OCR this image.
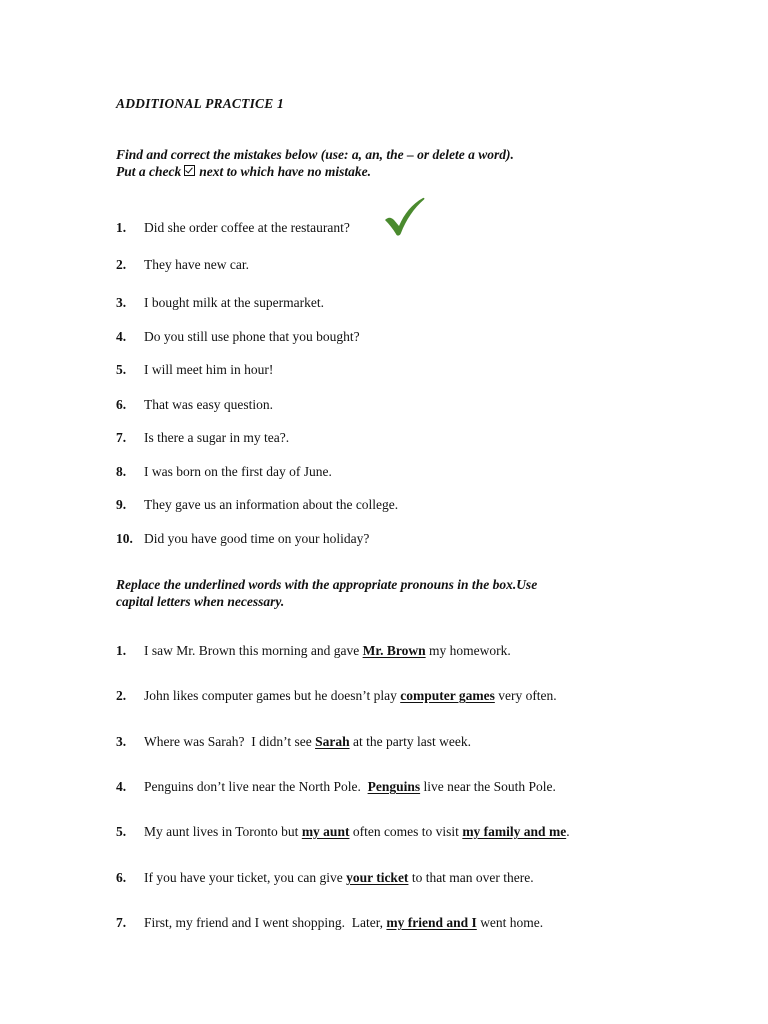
ADDITIONAL PRACTICE 1
Find and correct the mistakes below (use: a, an, the – or delete a word).
Put a check next to which have no mistake.
1. Did she order coffee at the restaurant?
2. They have new car.
3. I bought milk at the supermarket.
4. Do you still use phone that you bought?
5. I will meet him in hour!
6. That was easy question.
7. Is there a sugar in my tea?.
8. I was born on the first day of June.
9. They gave us an information about the college.
10. Did you have good time on your holiday?
Replace the underlined words with the appropriate pronouns in the box.Use
capital letters when necessary.
1. I saw Mr. Brown this morning and gave Mr. Brown my homework.
2. John likes computer games but he doesn’t play computer games very often.
3. Where was Sarah?  I didn’t see Sarah at the party last week.
4. Penguins don’t live near the North Pole.  Penguins live near the South Pole.
5. My aunt lives in Toronto but my aunt often comes to visit my family and me.
6. If you have your ticket, you can give your ticket to that man over there.
7. First, my friend and I went shopping.  Later, my friend and I went home.
